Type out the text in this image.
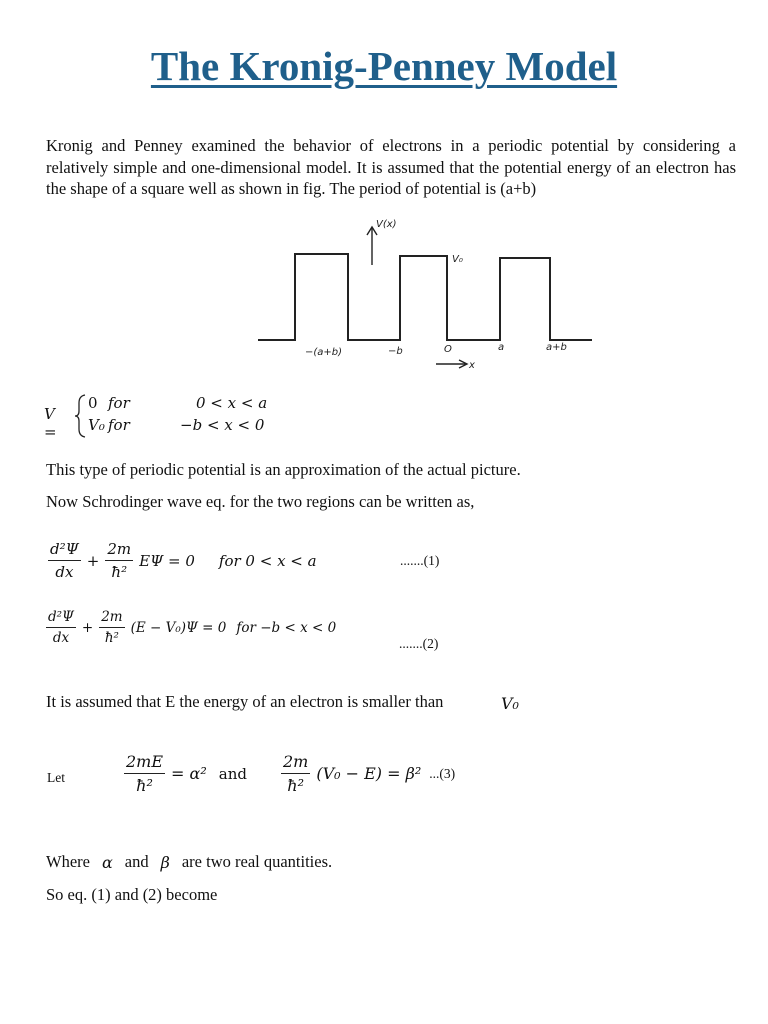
The Kronig-Penney Model
Kronig and Penney examined the behavior of electrons in a periodic potential by considering a relatively simple and one-dimensional model. It is assumed that the potential energy of an electron has the shape of a square well as shown in fig. The period of potential is (a+b)
V(x)
V₀
−(a+b)	−b	O	a	a+b
x
V =
0 for	0 < x < a
V₀ for	−b < x < 0
This type of periodic potential is an approximation of the actual picture.
Now Schrodinger wave eq. for the two regions can be written as,
$\frac{\text{d²Ψ}}{dx} + \frac{2m}{\text{ħ²}}$ EΨ = 0 for 0 < x < a	.......(1)
$\frac{\text{d²Ψ}}{dx} + \frac{2m}{\text{ħ²}} (E - V_0)\Psi = 0$ for −b < x < 0
.......(2)
It is assumed that E the energy of an electron is smaller than	V₀
Let	$\frac{2mE}{\text{ħ²}} = \alpha^2$ and $\frac{2m}{\text{ħ²}} (V_0 - E) = \beta^2$ ...(3)
Where α and β are two real quantities.
So eq. (1) and (2) become
